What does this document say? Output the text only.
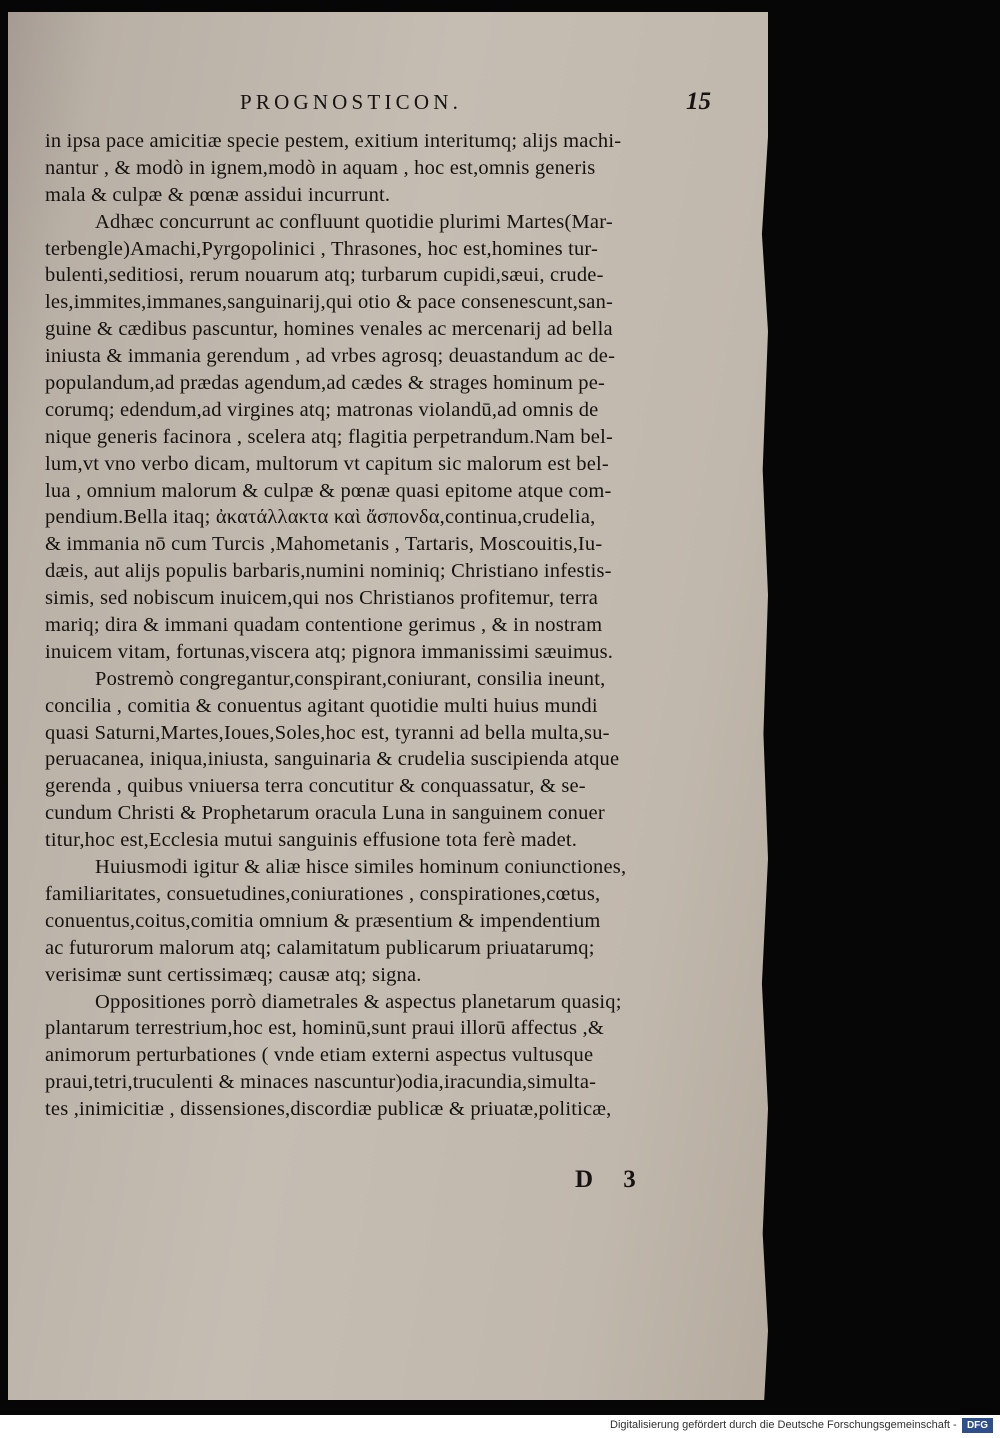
PROGNOSTICON.	15
in ipsa pace amicitiæ specie pestem, exitium interitumq; alijs machi-
nantur , & modò in ignem,modò in aquam , hoc est,omnis generis
mala & culpæ & pœnæ assidui incurrunt.
Adhæc concurrunt ac confluunt quotidie plurimi Martes(Mar-
terbengle)Amachi,Pyrgopolinici , Thrasones, hoc est,homines tur-
bulenti,seditiosi, rerum nouarum atq; turbarum cupidi,sæui, crude-
les,immites,immanes,sanguinarij,qui otio & pace consenescunt,san-
guine & cædibus pascuntur, homines venales ac mercenarij ad bella
iniusta & immania gerendum , ad vrbes agrosq; deuastandum ac de-
populandum,ad prædas agendum,ad cædes & strages hominum pe-
corumq; edendum,ad virgines atq; matronas violandū,ad omnis de
nique generis facinora , scelera atq; flagitia perpetrandum.Nam bel-
lum,vt vno verbo dicam, multorum vt capitum sic malorum est bel-
lua , omnium malorum & culpæ & pœnæ quasi epitome atque com-
pendium.Bella itaq; ἀκατάλλακτα καὶ ἄσπονδα,continua,crudelia,
& immania nō cum Turcis ,Mahometanis , Tartaris, Moscouitis,Iu-
dæis, aut alijs populis barbaris,numini nominiq; Christiano infestis-
simis, sed nobiscum inuicem,qui nos Christianos profitemur, terra
mariq; dira & immani quadam contentione gerimus , & in nostram
inuicem vitam, fortunas,viscera atq; pignora immanissimi sæuimus.
Postremò congregantur,conspirant,coniurant, consilia ineunt,
concilia , comitia & conuentus agitant quotidie multi huius mundi
quasi Saturni,Martes,Ioues,Soles,hoc est, tyranni ad bella multa,su-
peruacanea, iniqua,iniusta, sanguinaria & crudelia suscipienda atque
gerenda , quibus vniuersa terra concutitur & conquassatur, & se-
cundum Christi & Prophetarum oracula Luna in sanguinem conuer
titur,hoc est,Ecclesia mutui sanguinis effusione tota ferè madet.
Huiusmodi igitur & aliæ hisce similes hominum coniunctiones,
familiaritates, consuetudines,coniurationes , conspirationes,cœtus,
conuentus,coitus,comitia omnium & præsentium & impendentium
ac futurorum malorum atq; calamitatum publicarum priuatarumq;
verisimæ sunt certissimæq; causæ atq; signa.
Oppositiones porrò diametrales & aspectus planetarum quasiq;
plantarum terrestrium,hoc est, hominū,sunt praui illorū affectus ,&
animorum perturbationes ( vnde etiam externi aspectus vultusque
praui,tetri,truculenti & minaces nascuntur)odia,iracundia,simulta-
tes ,inimicitiæ , dissensiones,discordiæ publicæ & priuatæ,politicæ,
D 3
Digitalisierung gefördert durch die Deutsche Forschungsgemeinschaft -	DFG
